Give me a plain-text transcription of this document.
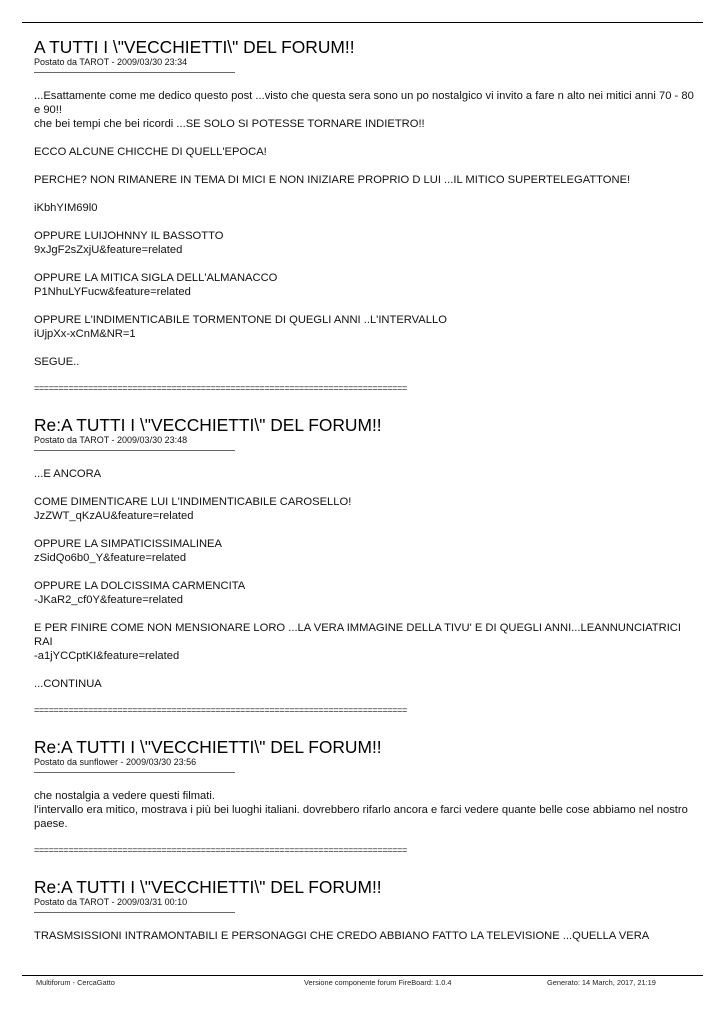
A TUTTI I \"VECCHIETTI\" DEL FORUM!!
Postato da TAROT - 2009/03/30 23:34

...Esattamente come me dedico questo post ...visto che questa sera sono un po nostalgico vi invito a fare n alto nei mitici anni 70 - 80 e 90!!
che bei tempi che bei ricordi ...SE SOLO SI POTESSE TORNARE INDIETRO!!

ECCO ALCUNE CHICCHE DI QUELL'EPOCA!

PERCHE? NON RIMANERE IN TEMA DI MICI E NON INIZIARE PROPRIO D LUI ...IL MITICO SUPERTELEGATTONE!

iKbhYIM69l0

OPPURE LUIJOHNNY IL BASSOTTO
9xJgF2sZxjU&feature=related

OPPURE LA MITICA SIGLA DELL'ALMANACCO
P1NhuLYFucw&feature=related

OPPURE L'INDIMENTICABILE TORMENTONE DI QUEGLI ANNI ..L'INTERVALLO
iUjpXx-xCnM&NR=1

SEGUE..

============================================================================
Re:A TUTTI I \"VECCHIETTI\" DEL FORUM!!
Postato da TAROT - 2009/03/30 23:48

...E ANCORA

COME DIMENTICARE LUI L'INDIMENTICABILE CAROSELLO!
JzZWT_qKzAU&feature=related

OPPURE LA SIMPATICISSIMALINEA
zSidQo6b0_Y&feature=related

OPPURE LA DOLCISSIMA CARMENCITA
-JKaR2_cf0Y&feature=related

E PER FINIRE COME NON MENSIONARE LORO ...LA VERA IMMAGINE DELLA TIVU' E DI QUEGLI ANNI...LEANNUNCIATRICI RAI
-a1jYCCptKI&feature=related

...CONTINUA

============================================================================
Re:A TUTTI I \"VECCHIETTI\" DEL FORUM!!
Postato da sunflower - 2009/03/30 23:56

che nostalgia a vedere questi filmati.
l'intervallo era mitico, mostrava i più bei luoghi italiani. dovrebbero rifarlo ancora e farci vedere quante belle cose abbiamo nel nostro paese.

============================================================================
Re:A TUTTI I \"VECCHIETTI\" DEL FORUM!!
Postato da TAROT - 2009/03/31 00:10

TRASMSISSIONI INTRAMONTABILI E PERSONAGGI CHE CREDO ABBIANO FATTO LA TELEVISIONE ...QUELLA VERA

Multiforum - CercaGatto	Versione componente forum FireBoard: 1.0.4	Generato: 14 March, 2017, 21:19
